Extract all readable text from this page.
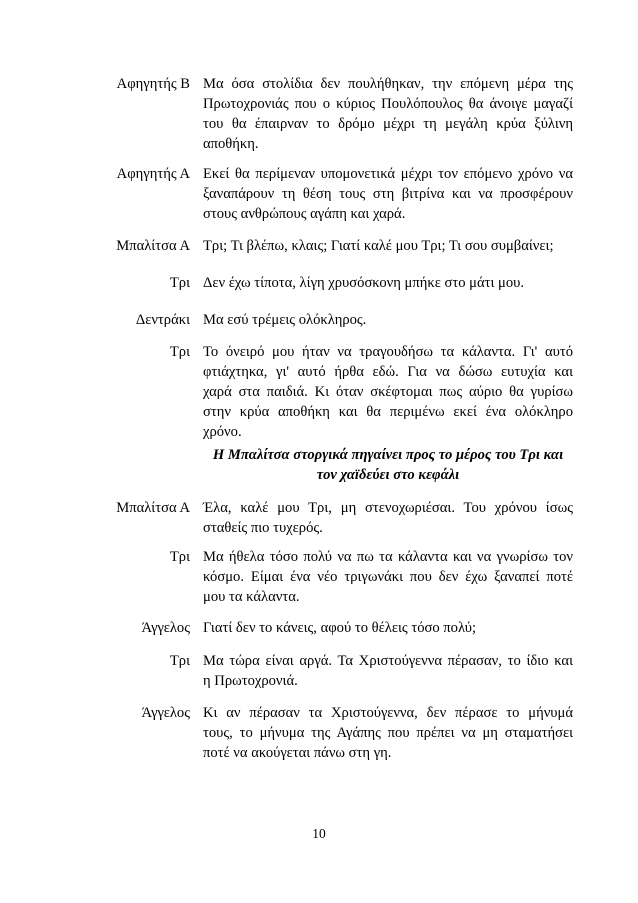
Αφηγητής Β Μα όσα στολίδια δεν πουλήθηκαν, την επόμενη μέρα της
Πρωτοχρονιάς που ο κύριος Πουλόπουλος θα άνοιγε μαγαζί
του θα έπαιρναν το δρόμο μέχρι τη μεγάλη κρύα ξύλινη
αποθήκη.
Αφηγητής Α Εκεί θα περίμεναν υπομονετικά μέχρι τον επόμενο χρόνο να
ξαναπάρουν τη θέση τους στη βιτρίνα και να προσφέρουν
στους ανθρώπους αγάπη και χαρά.
Μπαλίτσα Α Τρι; Τι βλέπω, κλαις; Γιατί καλέ μου Τρι; Τι σου συμβαίνει;
Τρι Δεν έχω τίποτα, λίγη χρυσόσκονη μπήκε στο μάτι μου.
Δεντράκι Μα εσύ τρέμεις ολόκληρος.
Τρι Το όνειρό μου ήταν να τραγουδήσω τα κάλαντα. Γι' αυτό
φτιάχτηκα, γι' αυτό ήρθα εδώ. Για να δώσω ευτυχία και
χαρά στα παιδιά. Κι όταν σκέφτομαι πως αύριο θα γυρίσω
στην κρύα αποθήκη και θα περιμένω εκεί ένα ολόκληρο
χρόνο.
Η Μπαλίτσα στοργικά πηγαίνει προς το μέρος του Τρι και
τον χαϊδεύει στο κεφάλι
Μπαλίτσα Α Έλα, καλέ μου Τρι, μη στενοχωριέσαι. Του χρόνου ίσως
σταθείς πιο τυχερός.
Τρι Μα ήθελα τόσο πολύ να πω τα κάλαντα και να γνωρίσω τον
κόσμο. Είμαι ένα νέο τριγωνάκι που δεν έχω ξαναπεί ποτέ
μου τα κάλαντα.
Άγγελος Γιατί δεν το κάνεις, αφού το θέλεις τόσο πολύ;
Τρι Μα τώρα είναι αργά. Τα Χριστούγεννα πέρασαν, το ίδιο και
η Πρωτοχρονιά.
Άγγελος Κι αν πέρασαν τα Χριστούγεννα, δεν πέρασε το μήνυμά
τους, το μήνυμα της Αγάπης που πρέπει να μη σταματήσει
ποτέ να ακούγεται πάνω στη γη.
10
